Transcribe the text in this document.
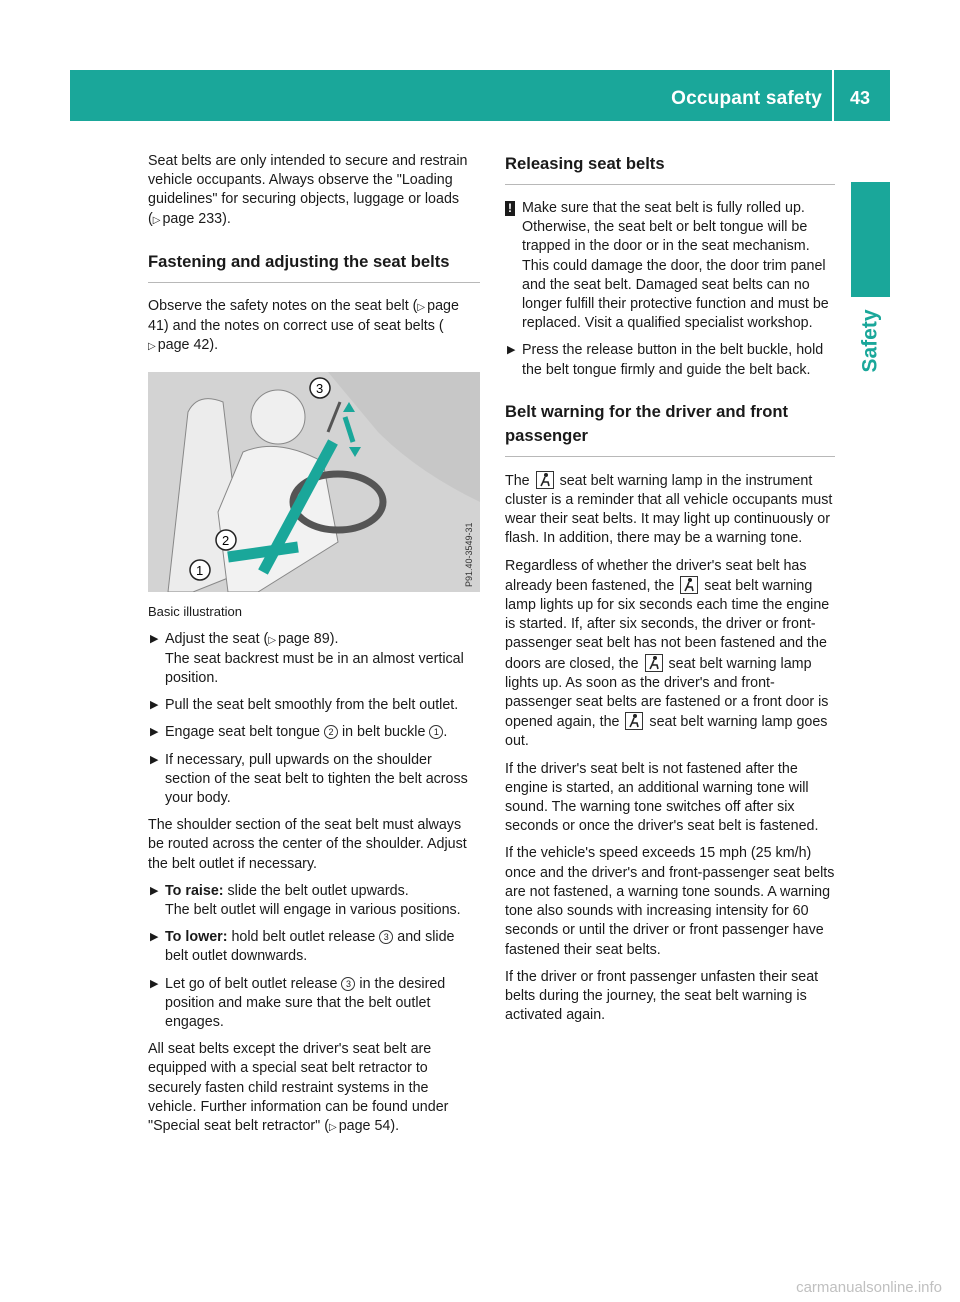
Occupant safety 43
Safety

Seat belts are only intended to secure and restrain vehicle occupants. Always observe the "Loading guidelines" for securing objects, luggage or loads ( ▷ page 233).

Fastening and adjusting the seat belts

Observe the safety notes on the seat belt ( ▷ page 41) and the notes on correct use of seat belts ( ▷ page 42).

3
2
1	P91.40-3549-31

Basic illustration

▶ Adjust the seat ( ▷ page 89).
The seat backrest must be in an almost vertical position.
▶ Pull the seat belt smoothly from the belt outlet.
▶ Engage seat belt tongue 2 in belt buckle 1 .
▶ If necessary, pull upwards on the shoulder section of the seat belt to tighten the belt across your body.

The shoulder section of the seat belt must always be routed across the center of the shoulder. Adjust the belt outlet if necessary.

▶ To raise: slide the belt outlet upwards.
The belt outlet will engage in various positions.
▶ To lower: hold belt outlet release 3 and slide belt outlet downwards.
▶ Let go of belt outlet release 3 in the desired position and make sure that the belt outlet engages.

All seat belts except the driver's seat belt are equipped with a special seat belt retractor to securely fasten child restraint systems in the vehicle. Further information can be found under "Special seat belt retractor" ( ▷ page 54).

Releasing seat belts
! Make sure that the seat belt is fully rolled up. Otherwise, the seat belt or belt tongue will be trapped in the door or in the seat mechanism. This could damage the door, the door trim panel and the seat belt. Damaged seat belts can no longer fulfill their protective function and must be replaced. Visit a qualified specialist workshop.
▶ Press the release button in the belt buckle, hold the belt tongue firmly and guide the belt back.
Belt warning for the driver and front passenger

The  seat belt warning lamp in the instrument cluster is a reminder that all vehicle occupants must wear their seat belts. It may light up continuously or flash. In addition, there may be a warning tone.

Regardless of whether the driver's seat belt has already been fastened, the  seat belt warning lamp lights up for six seconds each time the engine is started. If, after six seconds, the driver or front-passenger seat belt has not been fastened and the doors are closed, the  seat belt warning lamp lights up. As soon as the driver's and front-passenger seat belts are fastened or a front door is opened again, the  seat belt warning lamp goes out.

If the driver's seat belt is not fastened after the engine is started, an additional warning tone will sound. The warning tone switches off after six seconds or once the driver's seat belt is fastened.

If the vehicle's speed exceeds 15 mph (25 km/h) once and the driver's and front-passenger seat belts are not fastened, a warning tone sounds. A warning tone also sounds with increasing intensity for 60 seconds or until the driver or front passenger have fastened their seat belts.

If the driver or front passenger unfasten their seat belts during the journey, the seat belt warning is activated again.

carmanualsonline.info
